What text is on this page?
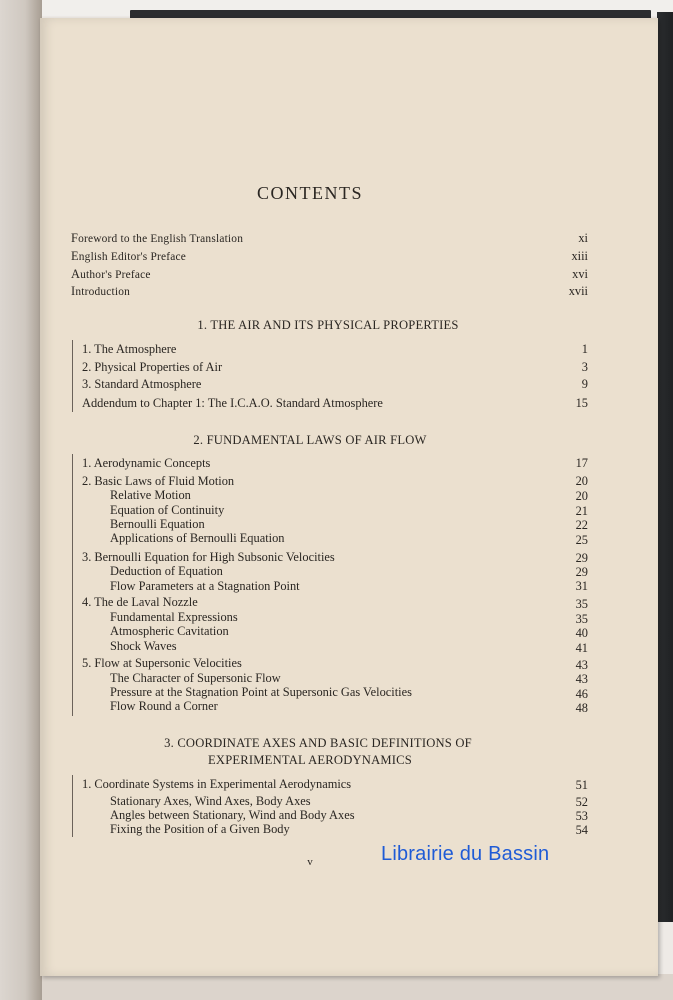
CONTENTS
Foreword to the English Translation	xi
English Editor's Preface	xiii
Author's Preface	xvi
Introduction	xvii
1. THE AIR AND ITS PHYSICAL PROPERTIES
1. The Atmosphere	1
2. Physical Properties of Air	3
3. Standard Atmosphere	9
Addendum to Chapter 1: The I.C.A.O. Standard Atmosphere	15
2. FUNDAMENTAL LAWS OF AIR FLOW
1. Aerodynamic Concepts	17
2. Basic Laws of Fluid Motion	20
Relative Motion	20
Equation of Continuity	21
Bernoulli Equation	22
Applications of Bernoulli Equation	25
3. Bernoulli Equation for High Subsonic Velocities	29
Deduction of Equation	29
Flow Parameters at a Stagnation Point	31
4. The de Laval Nozzle	35
Fundamental Expressions	35
Atmospheric Cavitation	40
Shock Waves	41
5. Flow at Supersonic Velocities	43
The Character of Supersonic Flow	43
Pressure at the Stagnation Point at Supersonic Gas Velocities	46
Flow Round a Corner	48
3. COORDINATE AXES AND BASIC DEFINITIONS OF
EXPERIMENTAL AERODYNAMICS
1. Coordinate Systems in Experimental Aerodynamics	51
Stationary Axes, Wind Axes, Body Axes	52
Angles between Stationary, Wind and Body Axes	53
Fixing the Position of a Given Body	54
v	Librairie du Bassin
